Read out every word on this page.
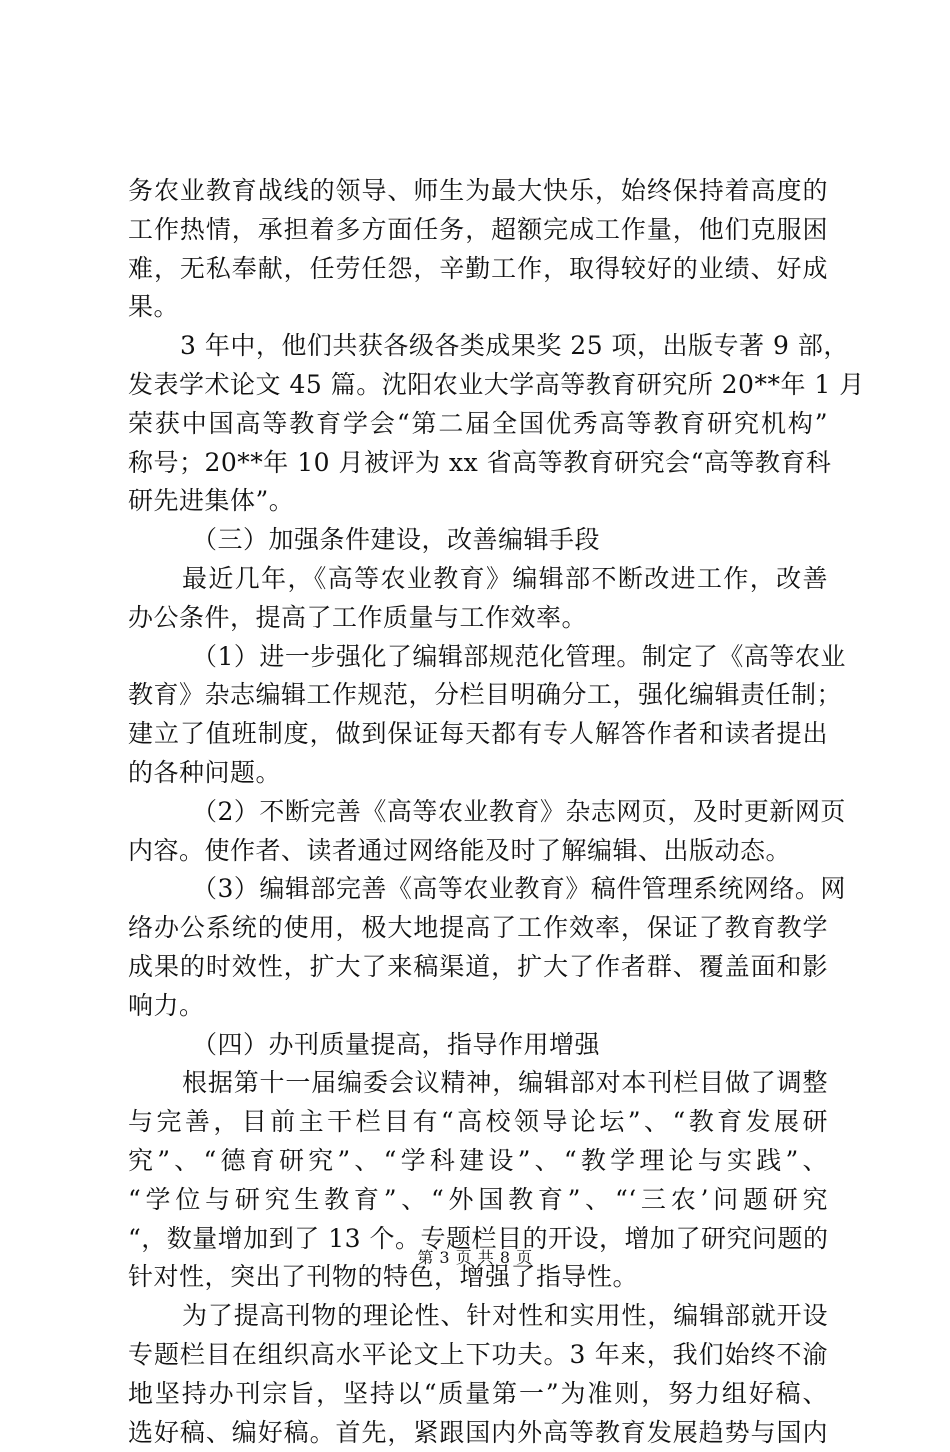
务农业教育战线的领导、师生为最大快乐，始终保持着高度的
工作热情，承担着多方面任务，超额完成工作量，他们克服困
难，无私奉献，任劳任怨，辛勤工作，取得较好的业绩、好成
果。
3 年中，他们共获各级各类成果奖 25 项，出版专著 9 部，
发表学术论文 45 篇。沈阳农业大学高等教育研究所 20**年 1 月
荣获中国高等教育学会“第二届全国优秀高等教育研究机构”
称号；20**年 10 月被评为 xx 省高等教育研究会“高等教育科
研先进集体”。
（三）加强条件建设，改善编辑手段
最近几年，《高等农业教育》编辑部不断改进工作，改善
办公条件，提高了工作质量与工作效率。
（1）进一步强化了编辑部规范化管理。制定了《高等农业
教育》杂志编辑工作规范，分栏目明确分工，强化编辑责任制；
建立了值班制度，做到保证每天都有专人解答作者和读者提出
的各种问题。
（2）不断完善《高等农业教育》杂志网页，及时更新网页
内容。使作者、读者通过网络能及时了解编辑、出版动态。
（3）编辑部完善《高等农业教育》稿件管理系统网络。网
络办公系统的使用，极大地提高了工作效率，保证了教育教学
成果的时效性，扩大了来稿渠道，扩大了作者群、覆盖面和影
响力。
（四）办刊质量提高，指导作用增强
根据第十一届编委会议精神，编辑部对本刊栏目做了调整
与完善，目前主干栏目有“高校领导论坛”、“教育发展研
究”、“德育研究”、“学科建设”、“教学理论与实践”、
“学位与研究生教育”、“外国教育”、“‘三农’问题研究
“，数量增加到了 13 个。专题栏目的开设，增加了研究问题的
针对性，突出了刊物的特色，增强了指导性。
为了提高刊物的理论性、针对性和实用性，编辑部就开设
专题栏目在组织高水平论文上下功夫。3 年来，我们始终不渝
地坚持办刊宗旨，坚持以“质量第一”为准则，努力组好稿、
选好稿、编好稿。首先，紧跟国内外高等教育发展趋势与国内
第 3 页 共 8 页
